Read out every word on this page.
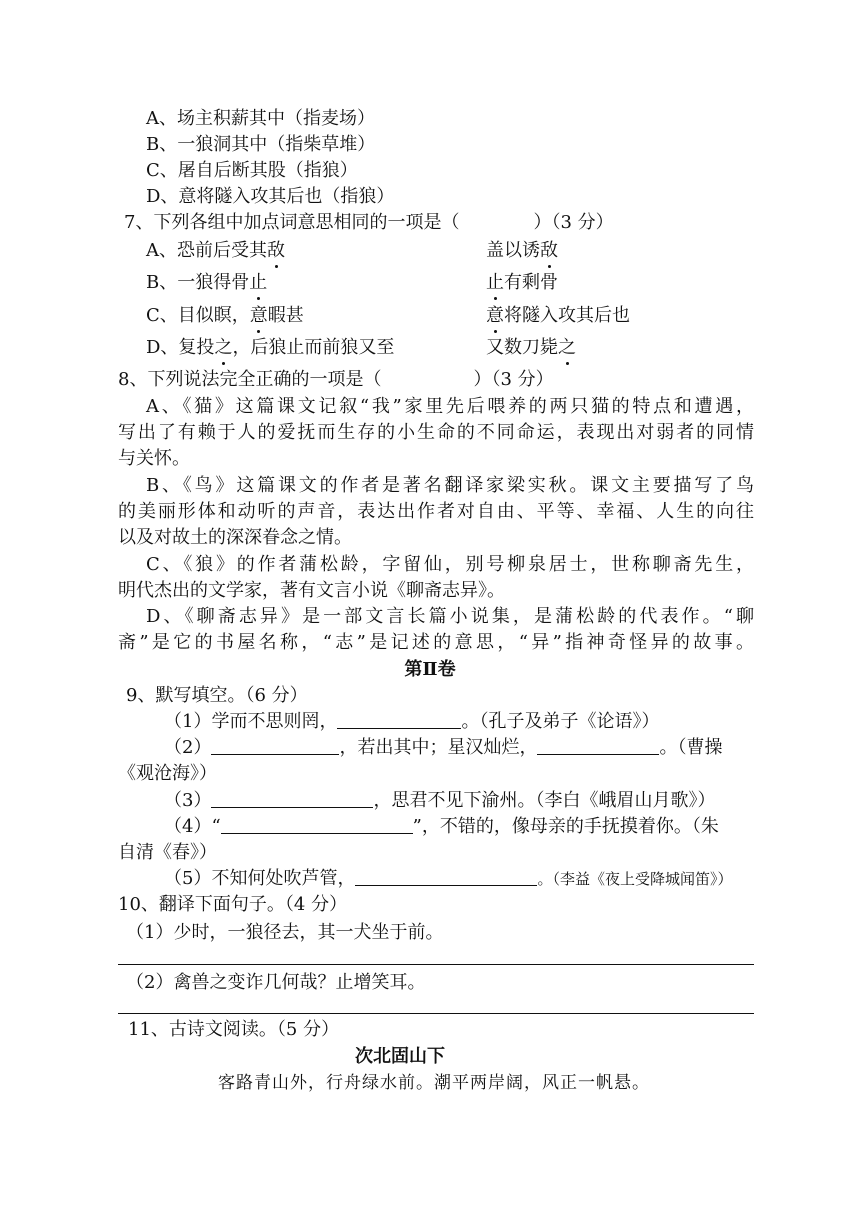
A、场主积薪其中（指麦场）
B、一狼洞其中（指柴草堆）
C、屠自后断其股（指狼）
D、意将隧入攻其后也（指狼）
7、下列各组中加点词意思相同的一项是（	）（3 分）
A、恐前后受其敌	盖以诱敌
B、一狼得骨止	止有剩骨
C、目似瞑，意暇甚	意将隧入攻其后也
D、复投之，后狼止而前狼又至	又数刀毙之
8、下列说法完全正确的一项是（	）（3 分）
A、《猫》这篇课文记叙“我”家里先后喂养的两只猫的特点和遭遇，
写出了有赖于人的爱抚而生存的小生命的不同命运，表现出对弱者的同情
与关怀。
B、《鸟》这篇课文的作者是著名翻译家梁实秋。课文主要描写了鸟
的美丽形体和动听的声音，表达出作者对自由、平等、幸福、人生的向往
以及对故土的深深眷念之情。
C、《狼》的作者蒲松龄，字留仙，别号柳泉居士，世称聊斋先生，
明代杰出的文学家，著有文言小说《聊斋志异》。
D、《聊斋志异》是一部文言长篇小说集，是蒲松龄的代表作。“聊
斋”是它的书屋名称，“志”是记述的意思，“异”指神奇怪异的故事。
第Ⅱ卷
9、默写填空。（6 分）
（1）学而不思则罔，	。（孔子及弟子《论语》）
（2）	，若出其中；星汉灿烂，	。（曹操
《观沧海》）
（3）	，思君不见下渝州。（李白《峨眉山月歌》）
（4）“	”，不错的，像母亲的手抚摸着你。（朱
自清《春》）
（5）不知何处吹芦管，	。（李益《夜上受降城闻笛》）
10、翻译下面句子。（4 分）
（1）少时，一狼径去，其一犬坐于前。
（2）禽兽之变诈几何哉？止增笑耳。
11、古诗文阅读。（5 分）
次北固山下
客路青山外，行舟绿水前。潮平两岸阔，风正一帆悬。
